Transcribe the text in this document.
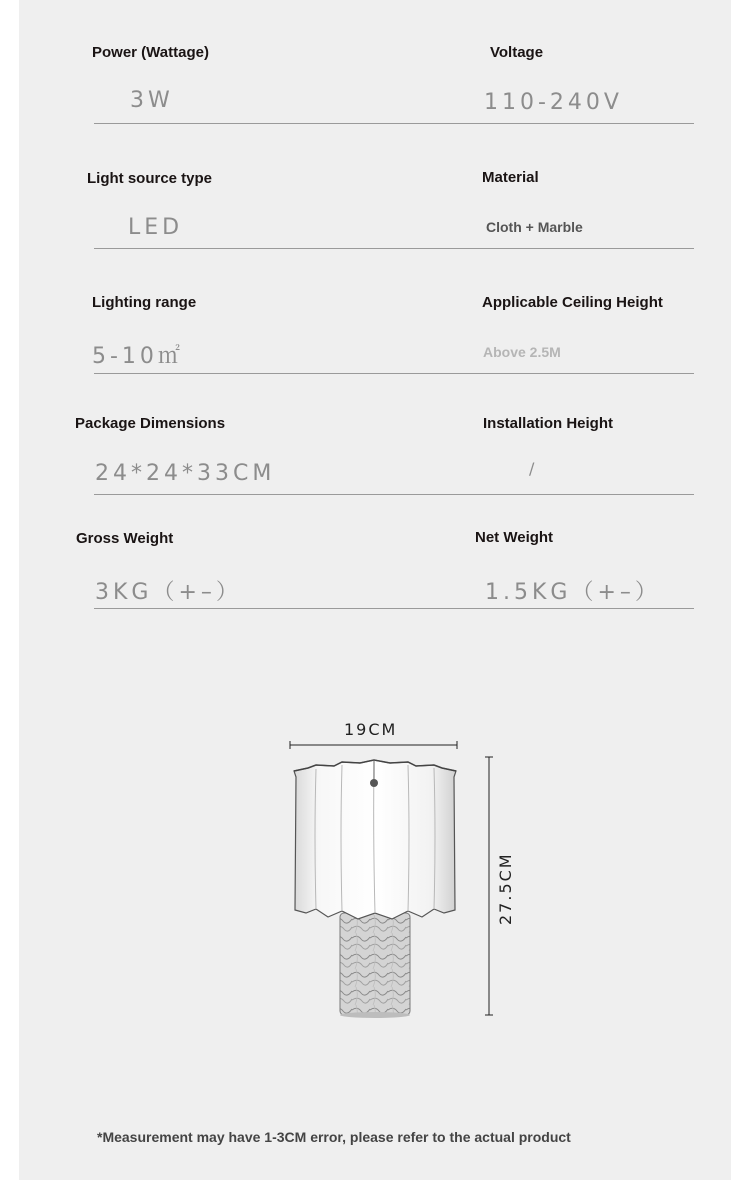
Power (Wattage)
3W
Voltage
110-240V
Light source type
LED
Material
Cloth + Marble
Lighting range
5-10㎡
Applicable Ceiling Height
Above 2.5M
Package Dimensions
24*24*33CM
Installation Height
/
Gross Weight
3KG（+–）
Net Weight
1.5KG（+–）
19CM
27.5CM
*Measurement may have 1-3CM error, please refer to the actual product
